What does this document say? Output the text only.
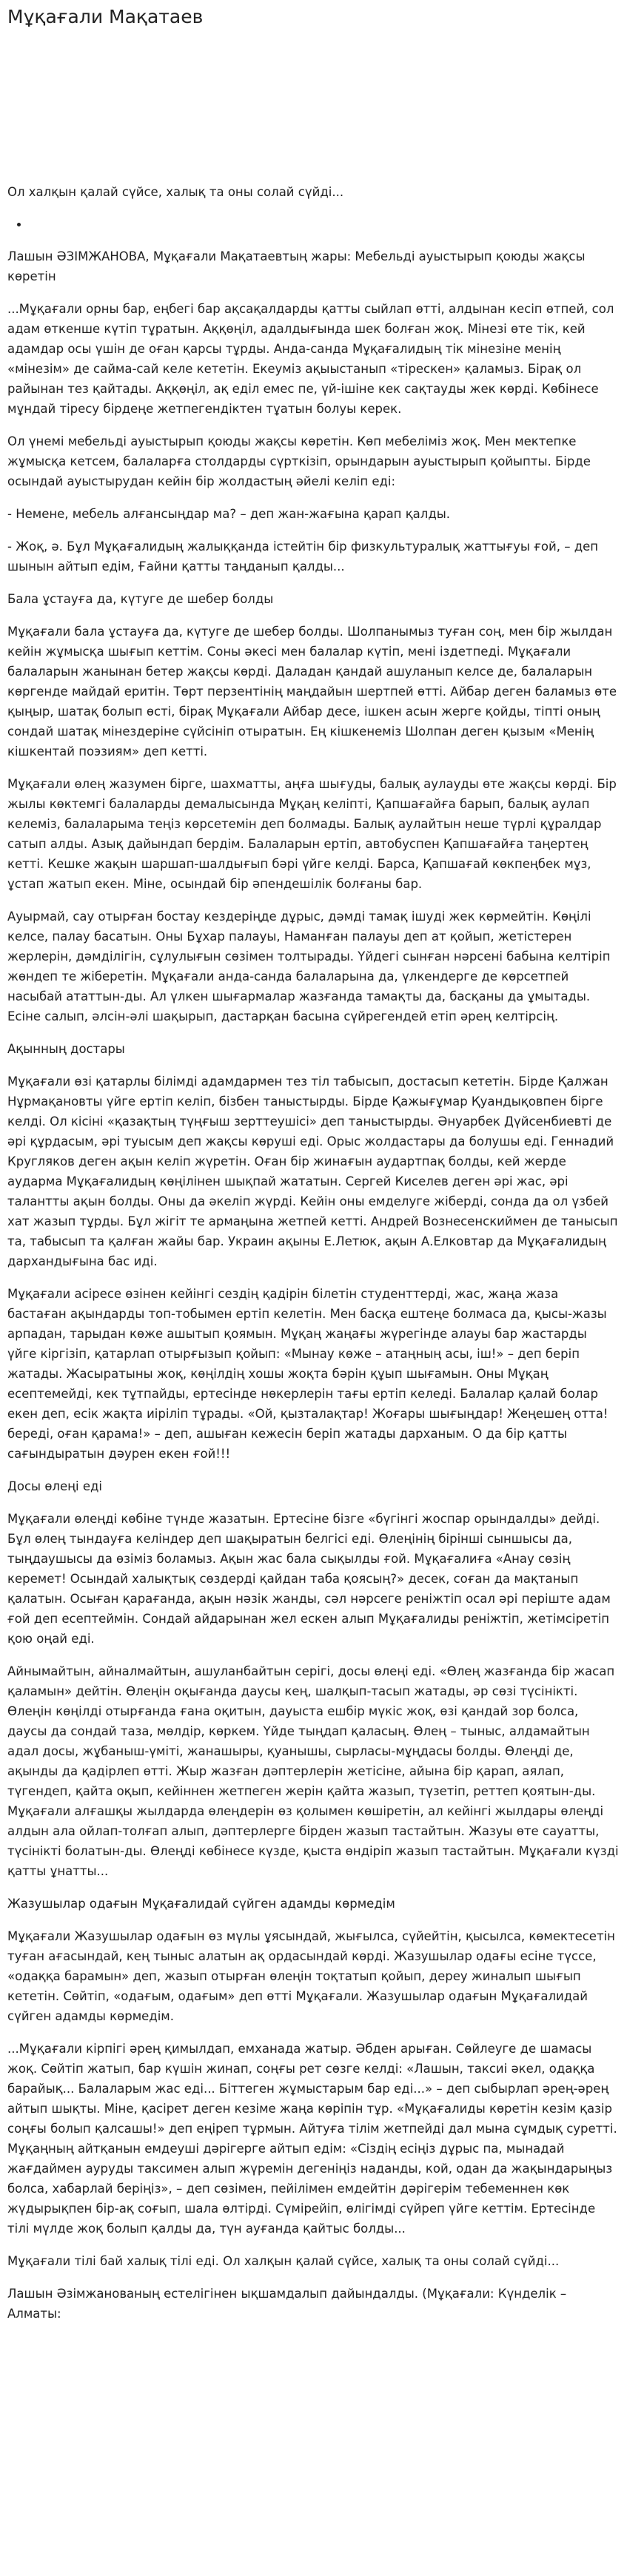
Мұқағали Мақатаев

Ол халқын қалай сүйсе, халық та оны солай сүйді...

•

Лашын ӘЗІМЖАНОВА, Мұқағали Мақатаевтың жары: Мебельді ауыстырып қоюды жақсы көретін

...Мұқағали орны бар, еңбегі бар ақсақалдарды қатты сыйлап өтті, алдынан кесіп өтпей, сол адам өткенше күтіп тұратын. Аққөңіл, адалдығында шек болған жоқ. Мінезі өте тік, кей адамдар осы үшін де оған қарсы тұрды. Анда-санда Мұқағалидың тік мінезіне менің «мінезім» де саймa-сай келе кететін. Екеуміз ақыыстанып «тірескен» қаламыз. Бірақ ол райынан тез қайтады. Аққөңіл, ақ еділ емес пе, үй-ішіне кек сақтауды жек көрді. Көбінесе мұндай тіресу бірдеңе жетпегендіктен тұатын болуы керек.

Ол үнемі мебельді ауыстырып қоюды жақсы көретін. Көп мебеліміз жоқ. Мен мектепке жұмысқа кетсем, балаларға столдарды сүрткізіп, орындарын ауыстырып қойыпты. Бірде осындай ауыстырудан кейін бір жолдастың әйелі келіп еді:

- Немене, мебель алғансыңдар ма? – деп жан-жағына қарап қалды.

- Жоқ, ә. Бұл Мұқағалидың жалыққанда істейтін бір физкультуралық жаттығуы ғой, – деп шынын айтып едім, Ғайни қатты таңданып қалды...

Бала ұстауға да, күтуге де шебер болды

Мұқағали бала ұстауға да, күтуге де шебер болды. Шолпанымыз туған соң, мен бір жылдан кейін жұмысқа шығып кеттім. Соны әкесі мен балалар күтіп, мені іздетпеді. Мұқағали балаларын жанынан бетер жақсы көрді. Даладан қандай ашуланып келсе де, балаларын көргенде майдай еритін. Төрт перзентінің маңдайын шертпей өтті. Айбар деген баламыз өте қыңыр, шатақ болып өсті, бірақ Мұқағали Айбар десе, ішкен асын жерге қойды, тіпті оның сондай шатақ мінездеріне сүйсініп отыратын. Ең кішкенеміз Шолпан деген қызым «Менің кішкентай поэзиям» деп кетті.

Мұқағали өлең жазумен бірге, шахматты, аңға шығуды, балық аулауды өте жақсы көрді. Бір жылы көктемгі балаларды демалысында Мұқаң келіпті, Қапшағайға барып, балық аулап келеміз, балаларыма теңіз көрсетемін деп болмады. Балық аулайтын неше түрлі құралдар сатып алды. Азық дайындап бердім. Балаларын ертіп, автобуспен Қапшағайға таңертең кетті. Кешке жақын шаршап-шалдығып бәрі үйге келді. Барса, Қапшағай көкпеңбек мұз, ұстап жатып екен. Міне, осындай бір әпендешілік болғаны бар.

Ауырмай, сау отырған бостау кездеріңде дұрыс, дәмді тамақ ішуді жек көрмейтін. Көңілі келсе, палау басатын. Оны Бұхар палауы, Наманған палауы деп ат қойып, жетістерен жерлерін, дәмділігін, сұлулығын сөзімен толтырады. Үйдегі сынған нәрсені бабына келтіріп жөндеп те жіберетін. Мұқағали анда-санда балаларына да, үлкендерге де көрсетпей насыбай ататтын-ды. Ал үлкен шығармалар жазғанда тамақты да, басқаны да ұмытады. Есіне салып, әлсін-әлі шақырып, дастарқан басына сүйрегендей етіп әрең келтірсің.

Ақынның достары

Мұқағали өзі қатарлы білімді адамдармен тез тіл табысып, достасып кететін. Бірде Қалжан Нұрмақановты үйге ертіп келіп, бізбен таныстырды. Бірде Қажығұмар Қуандықовпен бірге келді. Ол кісіні «қазақтың түңғыш зерттеушісі» деп таныстырды. Әнуарбек Дүйсенбиевті де әрі құрдасым, әрі туысым деп жақсы көруші еді. Орыс жолдастары да болушы еді. Геннадий Кругляков деген ақын келіп жүретін. Оған бір жинағын аудартпақ болды, кей жерде аударма Мұқағалидың көңілінен шықпай жататын. Сергей Киселев деген әрі жас, әрі талантты ақын болды. Оны да әкеліп жүрді. Кейін оны емделуге жіберді, сонда да ол үзбей хат жазып тұрды. Бұл жігіт те армаңына жетпей кетті. Андрей Вознесенскиймен де танысып та, табысып та қалған жайы бар. Украин ақыны Е.Летюк, ақын А.Елковтар да Мұқағалидың дархандығына бас иді.

Мұқағали асіресе өзінен кейінгі сездің қадірін білетін студенттерді, жас, жаңа жаза бастаған ақындарды топ-тобымен ертіп келетін. Мен басқа ештеңе болмаса да, қысы-жазы арпадан, тарыдан көже ашытып қоямын. Мұқаң жаңағы жүрегінде алауы бар жастарды үйге кіргізіп, қатарлап отырғызып қойып: «Мынау көже – атаңның асы, іш!» – деп беріп жатады. Жасыратыны жоқ, көңілдің хошы жоқта бәрін құып шығамын. Оны Мұқаң есептемейді, кек тұтпайды, ертесінде нөкерлерін тағы ертіп келеді. Балалар қалай болар екен деп, есік жақта иіріліп тұрады. «Ой, қызталақтар! Жоғары шығыңдар! Жеңешең отта! береді, оған қарама!» – деп, ашыған кежесін беріп жатады дарханым. О да бір қатты сағындыратын дәурен екен ғой!!!

Досы өлеңі еді

Мұқағали өлеңді көбіне түнде жазатын. Ертесіне бізге «бүгінгі жоспар орындалды» дейді. Бұл өлең тындауға келіндер деп шақыратын белгісі еді. Өлеңінің бірінші сыншысы да, тыңдаушысы да өзіміз боламыз. Ақын жас бала сықылды ғой. Мұқағалиға «Анау сөзің керемет! Осындай халықтық сөздерді қайдан таба қоясың?» десек, соған да мақтанып қалатын. Осыған қарағанда, ақын нәзік жанды, сәл нәрсеге реніжтіп осал әрі періште адам ғой деп есептеймін. Сондай айдарынан жел ескен алып Мұқағалиды реніжтіп, жетімсіретіп қою оңай еді.

Айнымайтын, айналмайтын, ашуланбайтын серігі, досы өлеңі еді. «Өлең жазғанда бір жасап қаламын» дейтін. Өлеңін оқығанда даусы кең, шалқып-тасып жатады, әр сөзі түсінікті. Өлеңін көңілді отырғанда ғана оқитын, дауыста ешбір мүкіс жоқ, өзі қандай зор болса, даусы да сондай таза, мөлдір, көркем. Үйде тыңдап қаласың. Өлең – тыныс, алдамайтын адал досы, жұбаныш-үміті, жанашыры, қуанышы, сырласы-мұңдасы болды. Өлеңді де, ақынды да қадірлеп өтті. Жыр жазған дәптерлерін жетісіне, айына бір қарап, аялап, түгендеп, қайта оқып, кейіннен жетпеген жерін қайта жазып, түзетіп, реттеп қоятын-ды. Мұқағали алғашқы жылдарда өлеңдерін өз қолымен көшіретін, ал кейінгі жылдары өлеңді алдын ала ойлап-толғап алып, дәптерлерге бірден жазып тастайтын. Жазуы өте сауатты, түсінікті болатын-ды. Өлеңді көбінесе күзде, қыста өндіріп жазып тастайтын. Мұқағали күзді қатты ұнатты...

Жазушылар одағын Мұқағалидай сүйген адамды көрмедім

Мұқағали Жазушылар одағын өз мүлы ұясындай, жығылса, сүйейтін, қысылса, көмектесетін туған ағасындай, кең тыныс алатын ақ ордасындай көрді. Жазушылар одағы есіне түссе, «одаққа барамын» деп, жазып отырған өлеңін тоқтатып қойып, дереу жиналып шығып кететін. Сөйтіп, «одағым, одағым» деп өтті Мұқағали. Жазушылар одағын Мұқағалидай сүйген адамды көрмедім.

...Мұқағали кірпігі әрең қимылдап, емханада жатыр. Әбден арыған. Сөйлеуге де шамасы жоқ. Сөйтіп жатып, бар күшін жинап, соңғы рет сөзге келді: «Лашын, таксиі әкел, одаққа барайық... Балаларым жас еді... Біттеген жұмыстарым бар еді...» – деп сыбырлап әрең-әрең айтып шықты. Міне, қасірет деген кезіме жаңа көріпін тұр. «Мұқағалиды көретін кезім қазір соңғы болып қалсашы!» деп еңіреп тұрмын. Айтуға тілім жетпейді дал мына сұмдық суретті. Мұқаңның айтқанын емдеуші дәрігерге айтып едім: «Сіздің есіңіз дұрыс па, мынадай жағдаймен ауруды таксимен алып жүремін дегеніңіз наданды, кой, одан да жақындарыңыз болса, хабарлай беріңіз», – деп сөзімен, пейілімен емдейтін дәрігерім тебеменнен көк жүдырықпен бір-ақ соғып, шала өлтірді. Сүмірейіп, өлігімді сүйреп үйге кеттім. Ертесінде тілі мүлде жоқ болып қалды да, түн ауғанда қайтыс болды...

Мұқағали тілі бай халық тілі еді. Ол халқын қалай сүйсе, халық та оны солай сүйді...

Лашын Әзімжанованың естелігінен ықшамдалып дайындалды. (Мұқағали: Күнделік – Алматы:
